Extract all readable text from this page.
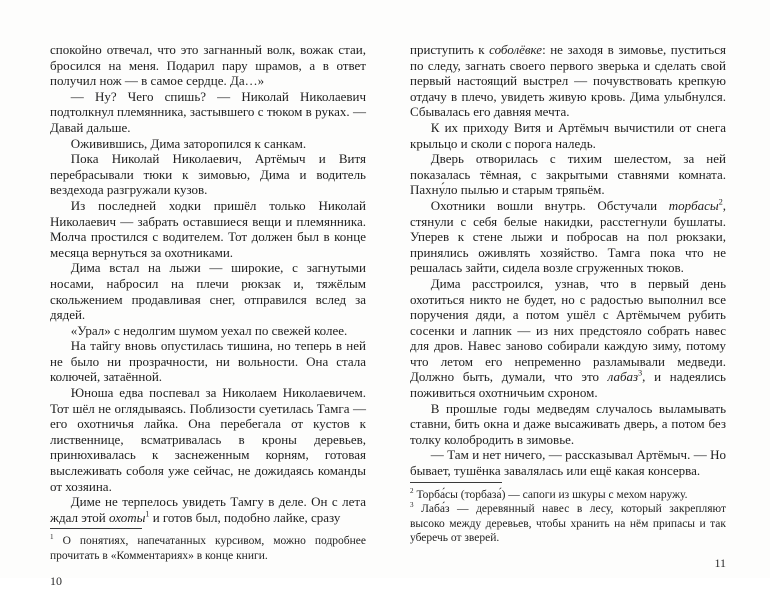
спокойно отвечал, что это загнанный волк, вожак стаи, бросился на меня. Подарил пару шрамов, а в ответ получил нож — в самое сердце. Да…»

— Ну? Чего спишь? — Николай Николаевич подтолкнул племянника, застывшего с тюком в руках. — Давай дальше.

Оживившись, Дима заторопился к санкам.

Пока Николай Николаевич, Артёмыч и Витя перебрасывали тюки к зимовью, Дима и водитель вездехода разгружали кузов.

Из последней ходки пришёл только Николай Николаевич — забрать оставшиеся вещи и племянника. Молча простился с водителем. Тот должен был в конце месяца вернуться за охотниками.

Дима встал на лыжи — широкие, с загнутыми носами, набросил на плечи рюкзак и, тяжёлым скольжением продавливая снег, отправился вслед за дядей.

«Урал» с недолгим шумом уехал по свежей колее.

На тайгу вновь опустилась тишина, но теперь в ней не было ни прозрачности, ни вольности. Она стала колючей, затаённой.

Юноша едва поспевал за Николаем Николаевичем. Тот шёл не оглядываясь. Поблизости суетилась Тамга — его охотничья лайка. Она перебегала от кустов к лиственнице, всматривалась в кроны деревьев, принюхивалась к заснеженным корням, готовая выслеживать соболя уже сейчас, не дожидаясь команды от хозяина.

Диме не терпелось увидеть Тамгу в деле. Он с лета ждал этой охоты$^1$ и готов был, подобно лайке, сразу

$^1$ О понятиях, напечатанных курсивом, можно подробнее прочитать в «Комментариях» в конце книги.

10

приступить к соболёвке: не заходя в зимовье, пуститься по следу, загнать своего первого зверька и сделать свой первый настоящий выстрел — почувствовать крепкую отдачу в плечо, увидеть живую кровь. Дима улыбнулся. Сбывалась его давняя мечта.

К их приходу Витя и Артёмыч вычистили от снега крыльцо и сколи с порога наледь.

Дверь отворилась с тихим шелестом, за ней показалась тёмная, с закрытыми ставнями комната. Пахну́ло пылью и старым тряпьём.

Охотники вошли внутрь. Обстучали торбасы$^2$, стянули с себя белые накидки, расстегнули бушлаты. Уперев к стене лыжи и побросав на пол рюкзаки, принялись оживлять хозяйство. Тамга пока что не решалась зайти, сидела возле сгруженных тюков.

Дима расстроился, узнав, что в первый день охотиться никто не будет, но с радостью выполнил все поручения дяди, а потом ушёл с Артёмычем рубить сосенки и лапник — из них предстояло собрать навес для дров. Навес заново собирали каждую зиму, потому что летом его непременно разламывали медведи. Должно быть, думали, что это лабаз$^3$, и надеялись поживиться охотничьим схроном.

В прошлые годы медведям случалось выламывать ставни, бить окна и даже высаживать дверь, а потом без толку колобродить в зимовье.

— Там и нет ничего, — рассказывал Артёмыч. — Но бывает, тушёнка завалялась или ещё какая консерва.

$^2$ Торба́сы (торбаза́) — сапоги из шкуры с мехом наружу.

$^3$ Лаба́з — деревянный навес в лесу, который закрепляют высоко между деревьев, чтобы хранить на нём припасы и так уберечь от зверей.

11
